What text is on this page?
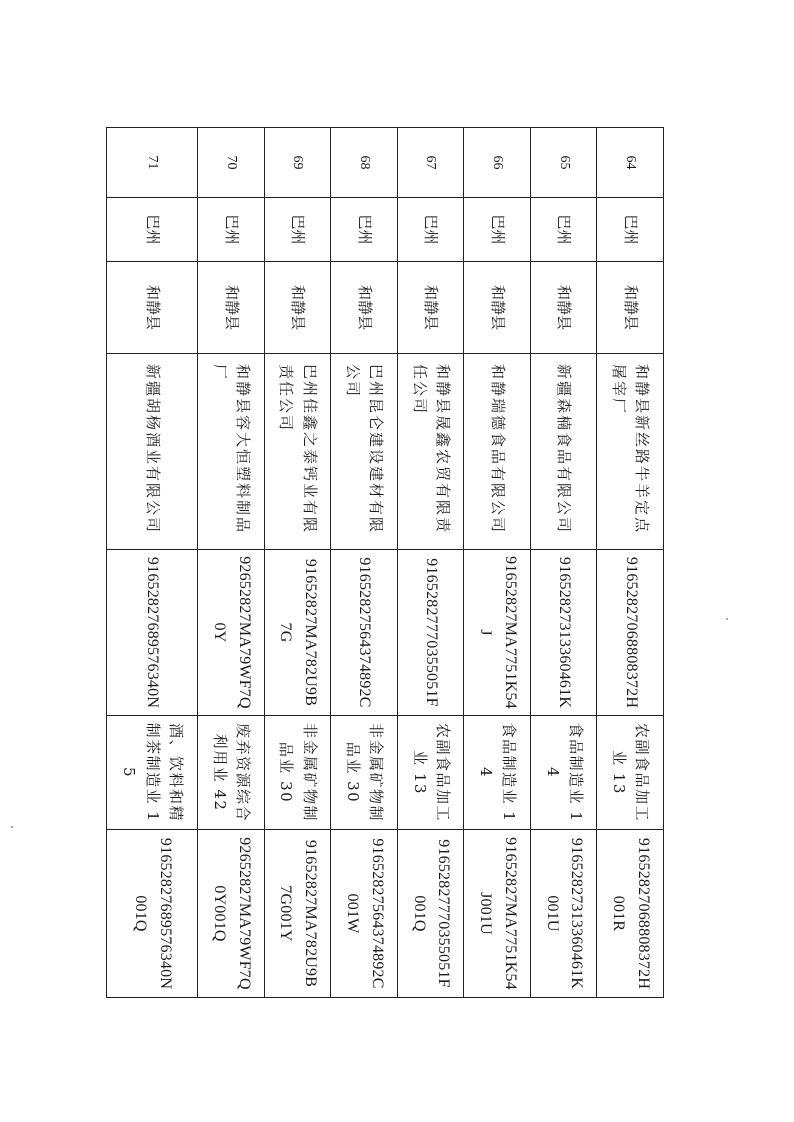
64	巴州	和静县	和静县新丝路牛羊定点屠宰厂	91652827068808372H	农副食品加工业 13	91652827068808372H001R
65	巴州	和静县	新疆森楠食品有限公司	91652827313360461K	食品制造业 14	91652827313360461K001U
66	巴州	和静县	和静瑞德食品有限公司	91652827MA7751K54J	食品制造业 14	91652827MA7751K54J001U
67	巴州	和静县	和静县晟鑫农贸有限责任公司	91652827770355051F	农副食品加工业 13	91652827770355051F001Q
68	巴州	和静县	巴州昆仑建设建材有限公司	91652827564374892C	非金属矿物制品业 30	91652827564374892C001W
69	巴州	和静县	巴州佳鑫之泰钙业有限责任公司	91652827MA782U9B7G	非金属矿物制品业 30	91652827MA782U9B7G001Y
70	巴州	和静县	和静县容大恒塑料制品厂	92652827MA79WF7Q0Y	废弃资源综合利用业 42	92652827MA79WF7Q0Y001Q
71	巴州	和静县	新疆胡杨酒业有限公司	91652827689576340N	酒、饮料和精制茶制造业 15	91652827689576340N001Q
